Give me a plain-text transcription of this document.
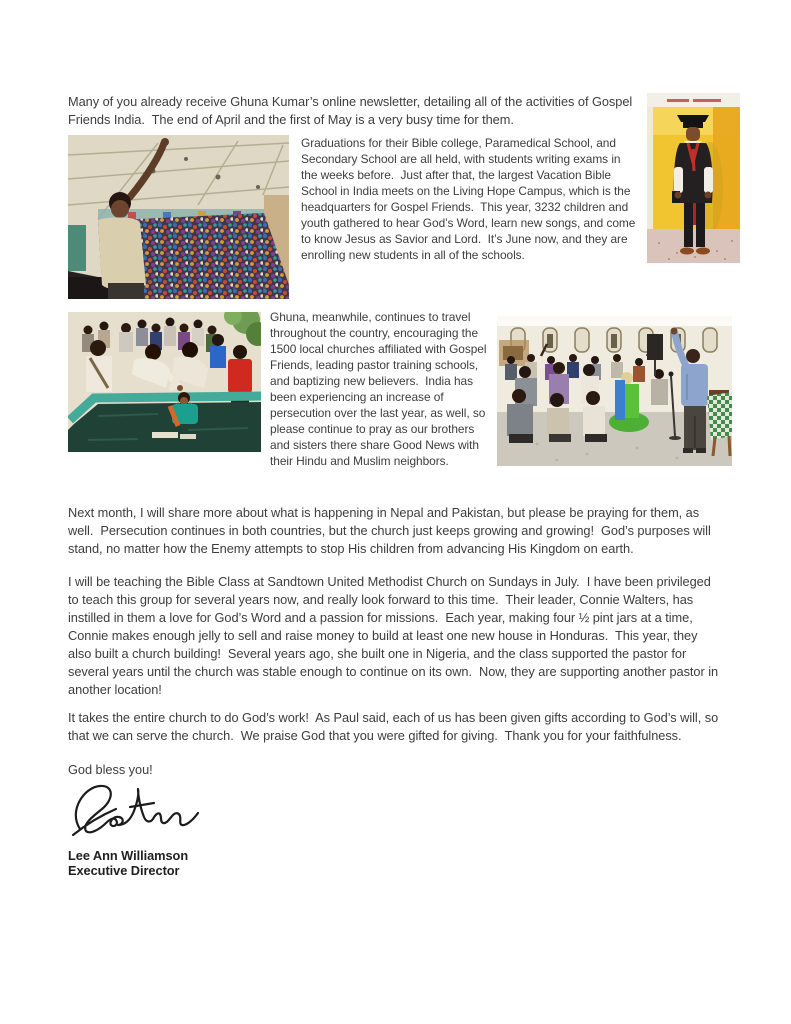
Many of you already receive Ghuna Kumar’s online newsletter, detailing all of the activities of Gospel Friends India.  The end of April and the first of May is a very busy time for them.

Graduations for their Bible college, Paramedical School, and Secondary School are all held, with students writing exams in the weeks before.  Just after that, the largest Vacation Bible School in India meets on the Living Hope Campus, which is the headquarters for Gospel Friends.  This year, 3232 children and youth gathered to hear God’s Word, learn new songs, and come to know Jesus as Savior and Lord.  It’s June now, and they are enrolling new students in all of the schools.

Ghuna, meanwhile, continues to travel throughout the country, encouraging the 1500 local churches affiliated with Gospel Friends, leading pastor training schools, and baptizing new believers.  India has been experiencing an increase of persecution over the last year, as well, so please continue to pray as our brothers and sisters there share Good News with their Hindu and Muslim neighbors.

Next month, I will share more about what is happening in Nepal and Pakistan, but please be praying for them, as well.  Persecution continues in both countries, but the church just keeps growing and growing!  God’s purposes will stand, no matter how the Enemy attempts to stop His children from advancing His Kingdom on earth.

I will be teaching the Bible Class at Sandtown United Methodist Church on Sundays in July.  I have been privileged to teach this group for several years now, and really look forward to this time.  Their leader, Connie Walters, has instilled in them a love for God’s Word and a passion for missions.  Each year, making four ½ pint jars at a time, Connie makes enough jelly to sell and raise money to build at least one new house in Honduras.  This year, they also built a church building!  Several years ago, she built one in Nigeria, and the class supported the pastor for several years until the church was stable enough to continue on its own.  Now, they are supporting another pastor in another location!

It takes the entire church to do God’s work!  As Paul said, each of us has been given gifts according to God’s will, so that we can serve the church.  We praise God that you were gifted for giving.  Thank you for your faithfulness.

God bless you!

Lee Ann Williamson
Executive Director
